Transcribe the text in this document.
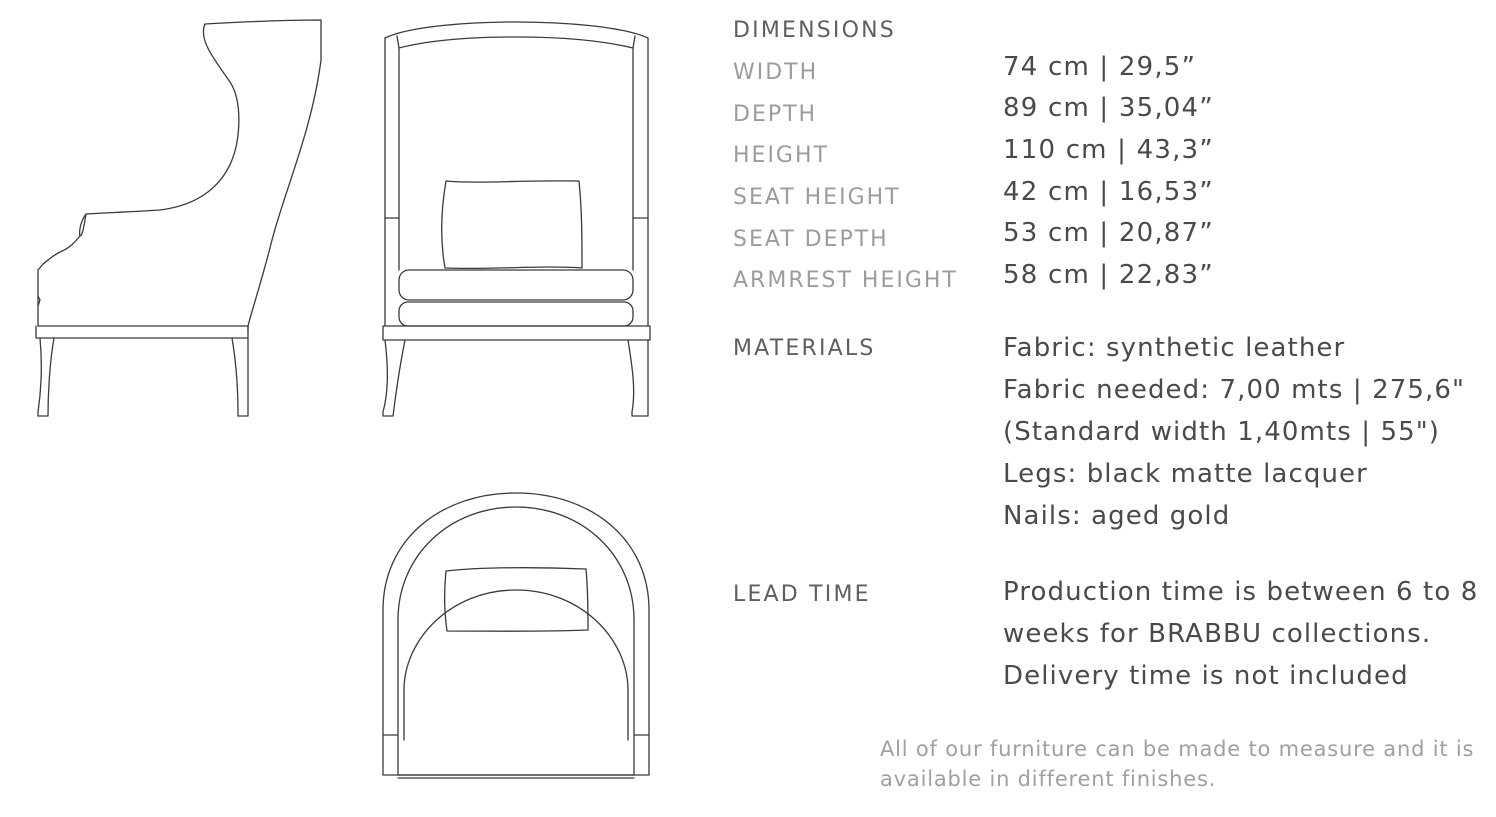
DIMENSIONS
WIDTH	74 cm | 29,5”
DEPTH	89 cm | 35,04”
HEIGHT	110 cm | 43,3”
SEAT HEIGHT	42 cm | 16,53”
SEAT DEPTH	53 cm | 20,87”
ARMREST HEIGHT 58 cm | 22,83”
MATERIALS	Fabric: synthetic leather
Fabric needed: 7,00 mts | 275,6"
(Standard width 1,40mts | 55")
Legs: black matte lacquer
Nails: aged gold
LEAD TIME	Production time is between 6 to 8
weeks for BRABBU collections.
Delivery time is not included
All of our furniture can be made to measure and it is
available in different finishes.
